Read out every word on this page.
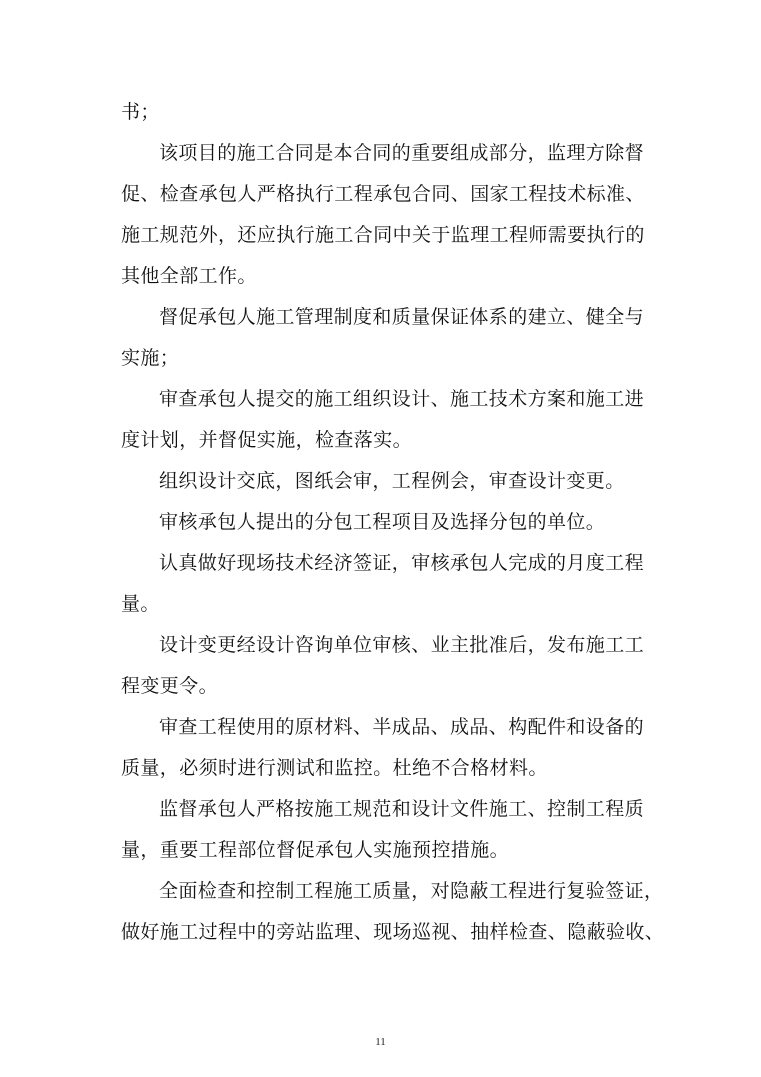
书；
该项目的施工合同是本合同的重要组成部分，监理方除督
促、检查承包人严格执行工程承包合同、国家工程技术标准、
施工规范外，还应执行施工合同中关于监理工程师需要执行的
其他全部工作。
督促承包人施工管理制度和质量保证体系的建立、健全与
实施；
审查承包人提交的施工组织设计、施工技术方案和施工进
度计划，并督促实施，检查落实。
组织设计交底，图纸会审，工程例会，审查设计变更。
审核承包人提出的分包工程项目及选择分包的单位。
认真做好现场技术经济签证，审核承包人完成的月度工程
量。
设计变更经设计咨询单位审核、业主批准后，发布施工工
程变更令。
审查工程使用的原材料、半成品、成品、构配件和设备的
质量，必须时进行测试和监控。杜绝不合格材料。
监督承包人严格按施工规范和设计文件施工、控制工程质
量，重要工程部位督促承包人实施预控措施。
全面检查和控制工程施工质量，对隐蔽工程进行复验签证，
做好施工过程中的旁站监理、现场巡视、抽样检查、隐蔽验收、
11
